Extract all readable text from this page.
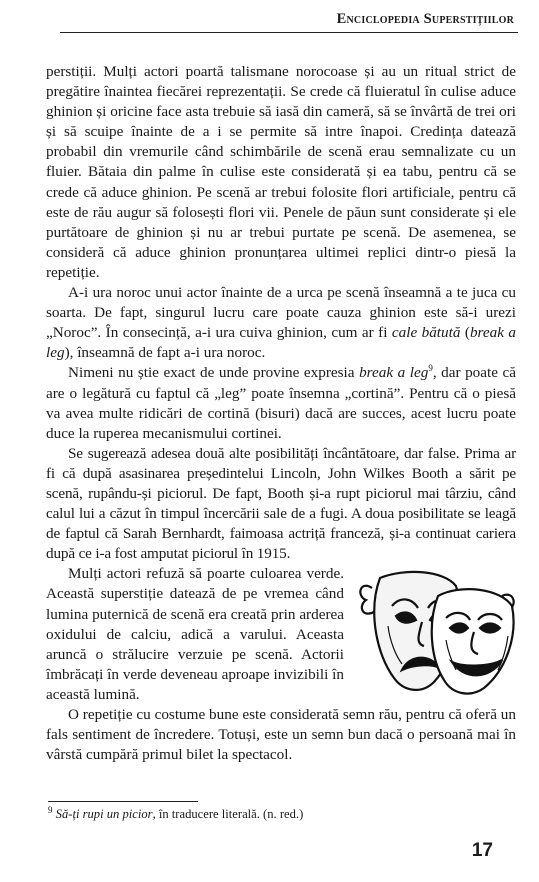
Enciclopedia Superstițiilor

perstiții. Mulți actori poartă talismane norocoase și au un ritual strict de pregătire înaintea fiecărei reprezentații. Se crede că fluieratul în culise aduce ghinion și oricine face asta trebuie să iasă din cameră, să se învârtă de trei ori și să scuipe înainte de a i se permite să intre înapoi. Credința datează probabil din vremurile când schimbările de scenă erau semnalizate cu un fluier. Bătaia din palme în culise este considerată și ea tabu, pentru că se crede că aduce ghinion. Pe scenă ar trebui folosite flori artificiale, pentru că este de rău augur să folosești flori vii. Penele de păun sunt considerate și ele purtătoare de ghinion și nu ar trebui purtate pe scenă. De asemenea, se consideră că aduce ghinion pronunțarea ultimei replici dintr-o piesă la repetiție.

A-i ura noroc unui actor înainte de a urca pe scenă înseamnă a te juca cu soarta. De fapt, singurul lucru care poate cauza ghinion este să-i urezi „Noroc”. În consecință, a-i ura cuiva ghinion, cum ar fi cale bătută (break a leg), înseamnă de fapt a-i ura noroc.

Nimeni nu știe exact de unde provine expresia break a leg$^9$, dar poate că are o legătură cu faptul că „leg” poate însemna „cortină”. Pentru că o piesă va avea multe ridicări de cortină (bisuri) dacă are succes, acest lucru poate duce la ruperea mecanismului cortinei.

Se sugerează adesea două alte posibilități încântătoare, dar false. Prima ar fi că după asasinarea președintelui Lincoln, John Wilkes Booth a sărit pe scenă, rupându-și piciorul. De fapt, Booth și-a rupt piciorul mai târziu, când calul lui a căzut în timpul încercării sale de a fugi. A doua posibilitate se leagă de faptul că Sarah Bernhardt, faimoasa actriță franceză, și-a continuat cariera după ce i-a fost amputat piciorul în 1915.

Mulți actori refuză să poarte culoarea verde. Această superstiție datează de pe vremea când lumina puternică de scenă era creată prin arderea oxidului de calciu, adică a varului. Aceasta aruncă o strălucire verzuie pe scenă. Actorii îmbrăcați în verde deveneau aproape invizibili în această lumină.

O repetiție cu costume bune este considerată semn rău, pentru că oferă un fals sentiment de încredere. Totuși, este un semn bun dacă o persoană mai în vârstă cumpără primul bilet la spectacol.

$^9$ Să-ți rupi un picior, în traducere literală. (n. red.)
17
